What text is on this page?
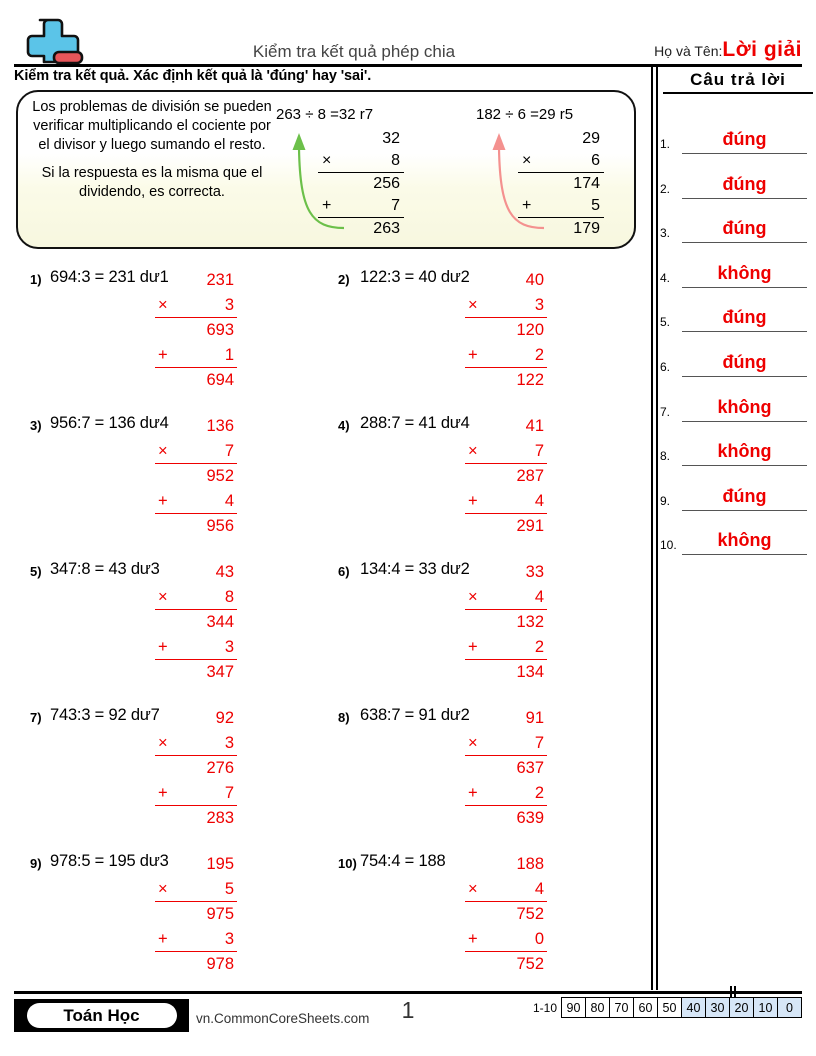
Kiểm tra kết quả phép chia	Họ và Tên:Lời giải
Kiểm tra kết quả. Xác định kết quả là 'đúng' hay 'sai'.
Los problemas de división se pueden verificar multiplicando el cociente por el divisor y luego sumando el resto.
Si la respuesta es la misma que el dividendo, es correcta.
263 ÷ 8 =32 r7
32
×	8
256
+	7
263
182 ÷ 6 =29 r5
29
×	6
174
+	5
179
1) 694:3 = 231 dư1	231
×	3
693
+	1
694
2) 122:3 = 40 dư2	40
×	3
120
+	2
122
3) 956:7 = 136 dư4	136
×	7
952
+	4
956
4) 288:7 = 41 dư4	41
×	7
287
+	4
291
5) 347:8 = 43 dư3	43
×	8
344
+	3
347
6) 134:4 = 33 dư2	33
×	4
132
+	2
134
7) 743:3 = 92 dư7	92
×	3
276
+	7
283
8) 638:7 = 91 dư2	91
×	7
637
+	2
639
9) 978:5 = 195 dư3	195
×	5
975
+	3
978
10) 754:4 = 188	188
×	4
752
+	0
752
Câu trả lời
1.	đúng
2.	đúng
3.	đúng
4.	không
5.	đúng
6.	đúng
7.	không
8.	không
9.	đúng
10.	không
Toán Học	vn.CommonCoreSheets.com	1	1-10 90 80 70 60 50 40 30 20 10	0
